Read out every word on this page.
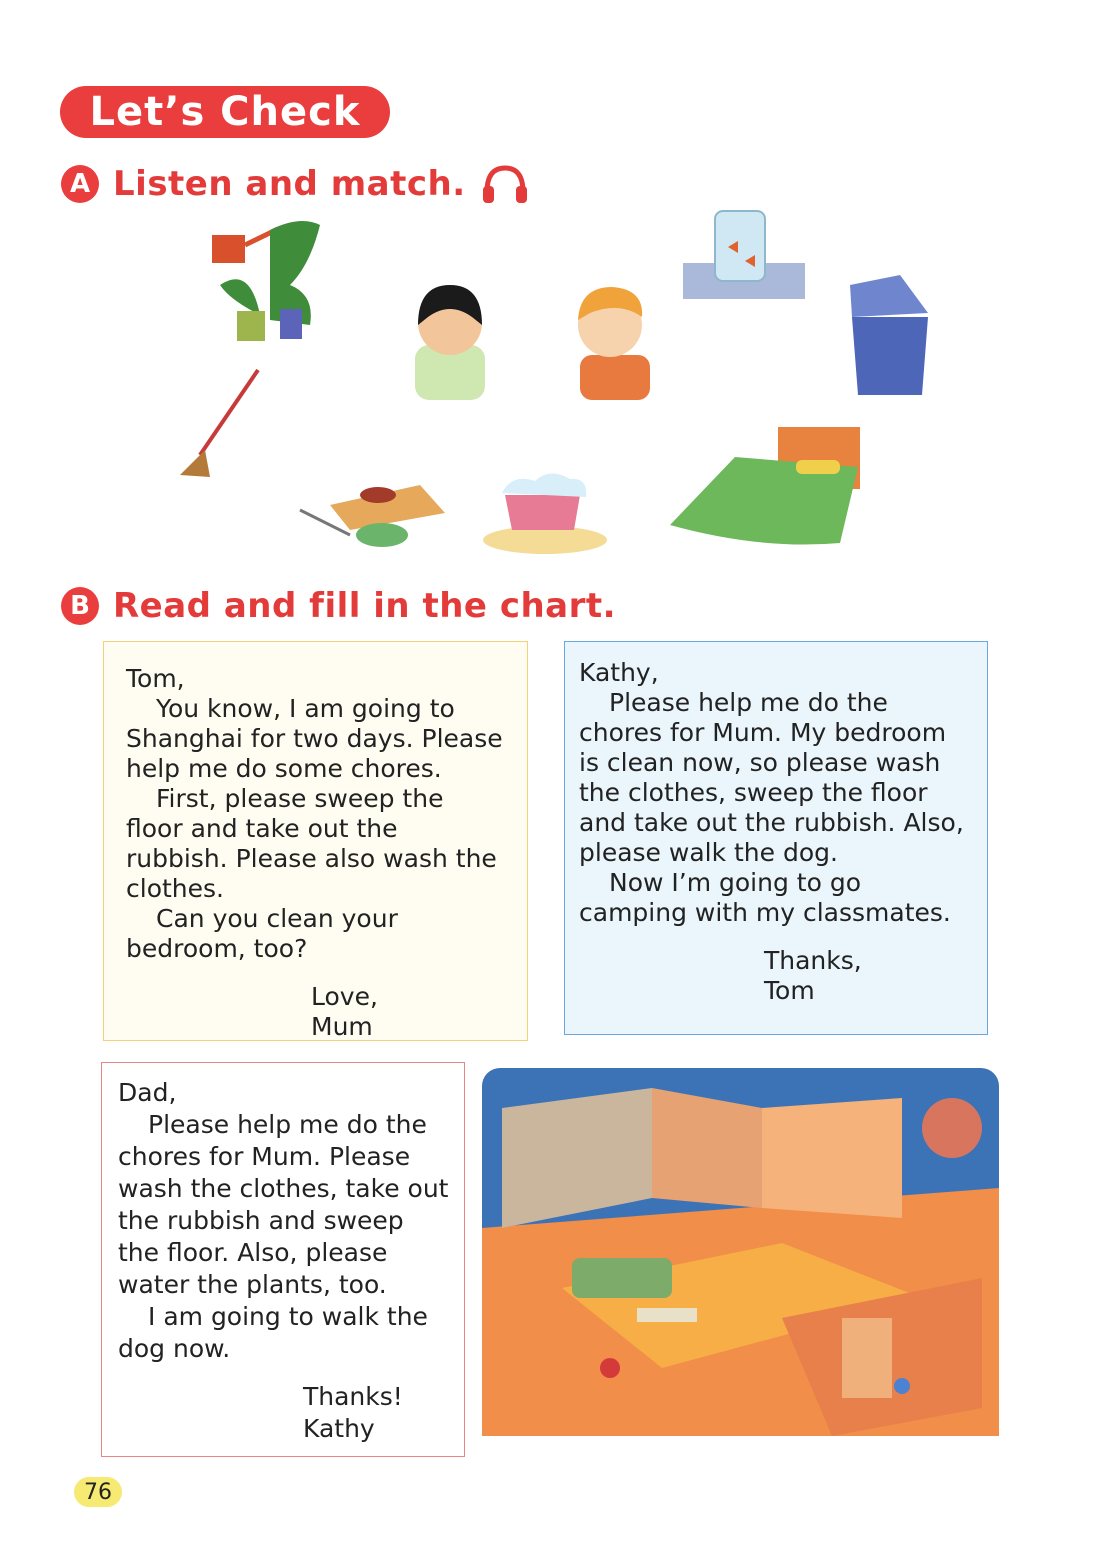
Let’s Check
A Listen and match.
B Read and fill in the chart.

Tom,

You know, I am going to Shanghai for two days. Please help me do some chores.

First, please sweep the floor and take out the rubbish. Please also wash the clothes.

Can you clean your bedroom, too?

Love,

Mum

Kathy,

Please help me do the chores for Mum. My bedroom is clean now, so please wash the clothes, sweep the floor and take out the rubbish. Also, please walk the dog.

Now I’m going to go camping with my classmates.

Thanks,

Tom

Dad,

Please help me do the chores for Mum. Please wash the clothes, take out the rubbish and sweep the floor. Also, please water the plants, too.

I am going to walk the dog now.

Thanks!

Kathy

76
